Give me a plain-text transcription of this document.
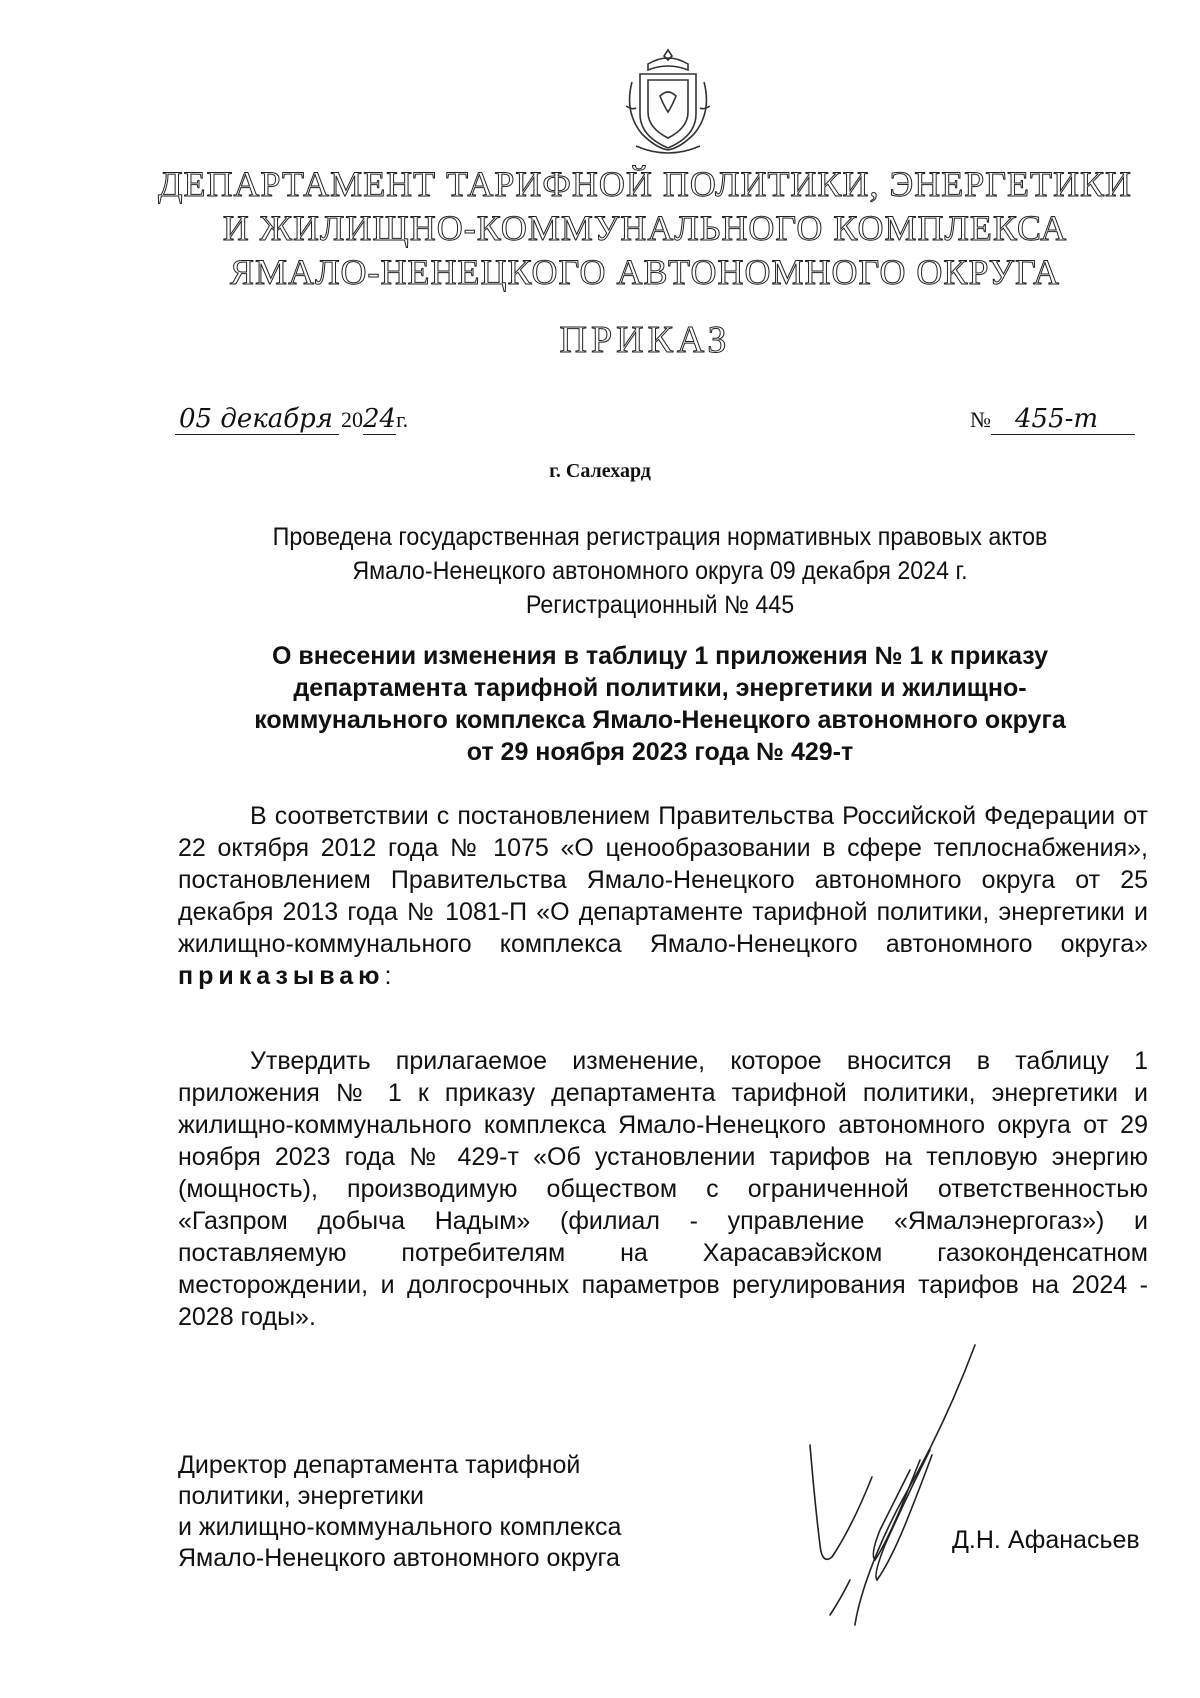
ДЕПАРТАМЕНТ ТАРИФНОЙ ПОЛИТИКИ, ЭНЕРГЕТИКИ
И ЖИЛИЩНО-КОММУНАЛЬНОГО КОМПЛЕКСА
ЯМАЛО-НЕНЕЦКОГО АВТОНОМНОГО ОКРУГА
ПРИКАЗ
05 декабря 2024г.	№ 455-т
г. Салехард
Проведена государственная регистрация нормативных правовых актов
Ямало-Ненецкого автономного округа 09 декабря 2024 г.
Регистрационный № 445
О внесении изменения в таблицу 1 приложения № 1 к приказу
департамента тарифной политики, энергетики и жилищно-
коммунального комплекса Ямало-Ненецкого автономного округа
от 29 ноября 2023 года № 429-т
В соответствии с постановлением Правительства Российской Федерации от 22 октября 2012 года № 1075 «О ценообразовании в сфере теплоснабжения», постановлением Правительства Ямало-Ненецкого автономного округа от 25 декабря 2013 года № 1081-П «О департаменте тарифной политики, энергетики и жилищно-коммунального комплекса Ямало-Ненецкого автономного округа» приказываю:
Утвердить прилагаемое изменение, которое вносится в таблицу 1 приложения № 1 к приказу департамента тарифной политики, энергетики и жилищно-коммунального комплекса Ямало-Ненецкого автономного округа от 29 ноября 2023 года № 429-т «Об установлении тарифов на тепловую энергию (мощность), производимую обществом с ограниченной ответственностью «Газпром добыча Надым» (филиал - управление «Ямалэнергогаз») и поставляемую потребителям на Харасавэйском газоконденсатном месторождении, и долгосрочных параметров регулирования тарифов на 2024 - 2028 годы».
Директор департамента тарифной
политики, энергетики
и жилищно-коммунального комплекса
Ямало-Ненецкого автономного округа
Д.Н. Афанасьев
